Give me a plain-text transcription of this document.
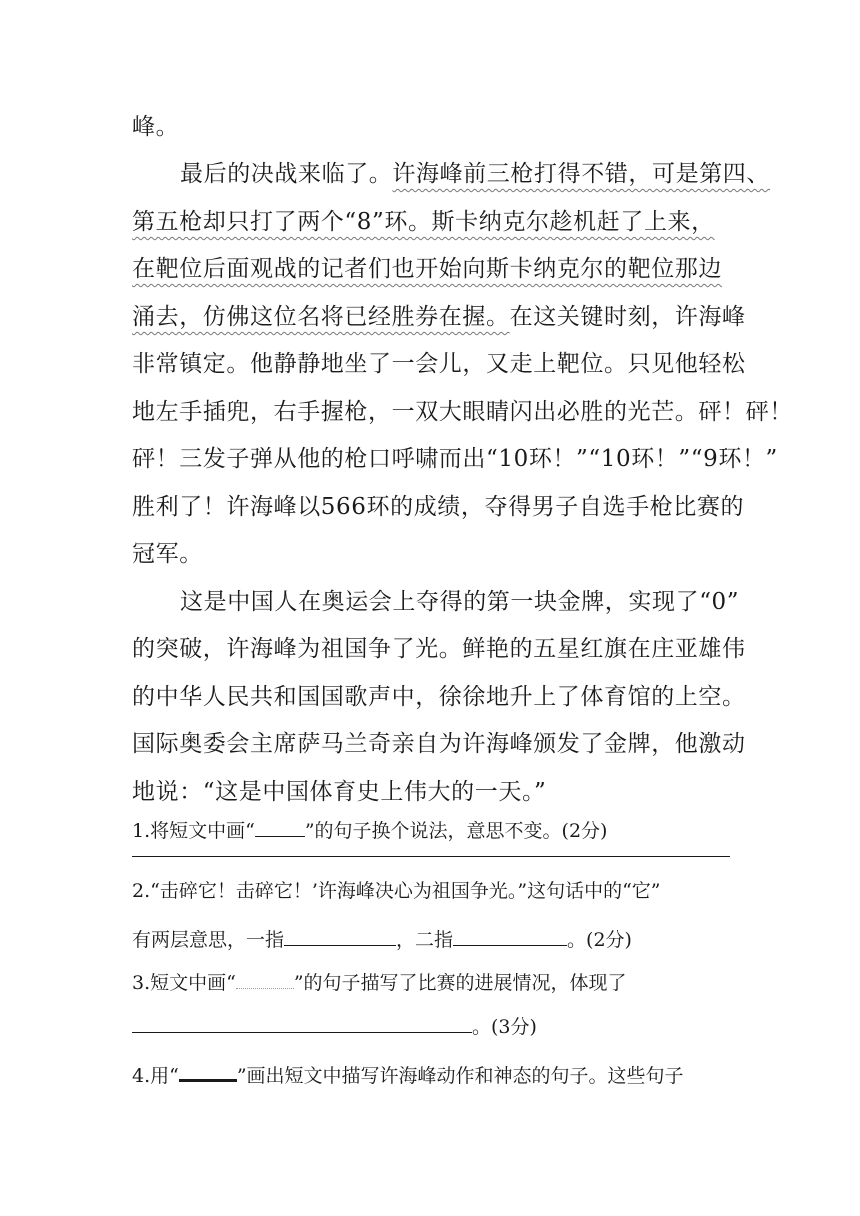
峰。
最后的决战来临了。许海峰前三枪打得不错，可是第四、
第五枪却只打了两个“8”环。斯卡纳克尔趁机赶了上来，
在靶位后面观战的记者们也开始向斯卡纳克尔的靶位那边
涌去，仿佛这位名将已经胜券在握。在这关键时刻，许海峰
非常镇定。他静静地坐了一会儿，又走上靶位。只见他轻松
地左手插兜，右手握枪，一双大眼睛闪出必胜的光芒。砰！砰！
砰！三发子弹从他的枪口呼啸而出“10环！”“10环！”“9环！”
胜利了！许海峰以566环的成绩，夺得男子自选手枪比赛的
冠军。
这是中国人在奥运会上夺得的第一块金牌，实现了“0”
的突破，许海峰为祖国争了光。鲜艳的五星红旗在庄亚雄伟
的中华人民共和国国歌声中，徐徐地升上了体育馆的上空。
国际奥委会主席萨马兰奇亲自为许海峰颁发了金牌，他激动
地说：“这是中国体育史上伟大的一天。”
1.将短文中画“	”的句子换个说法，意思不变。(2分)
2.“击碎它！击碎它！’许海峰决心为祖国争光。”这句话中的“它”
有两层意思，一指	，二指	。(2分)
3.短文中画“	”的句子描写了比赛的进展情况，体现了
。(3分)
4.用“	”画出短文中描写许海峰动作和神态的句子。这些句子
